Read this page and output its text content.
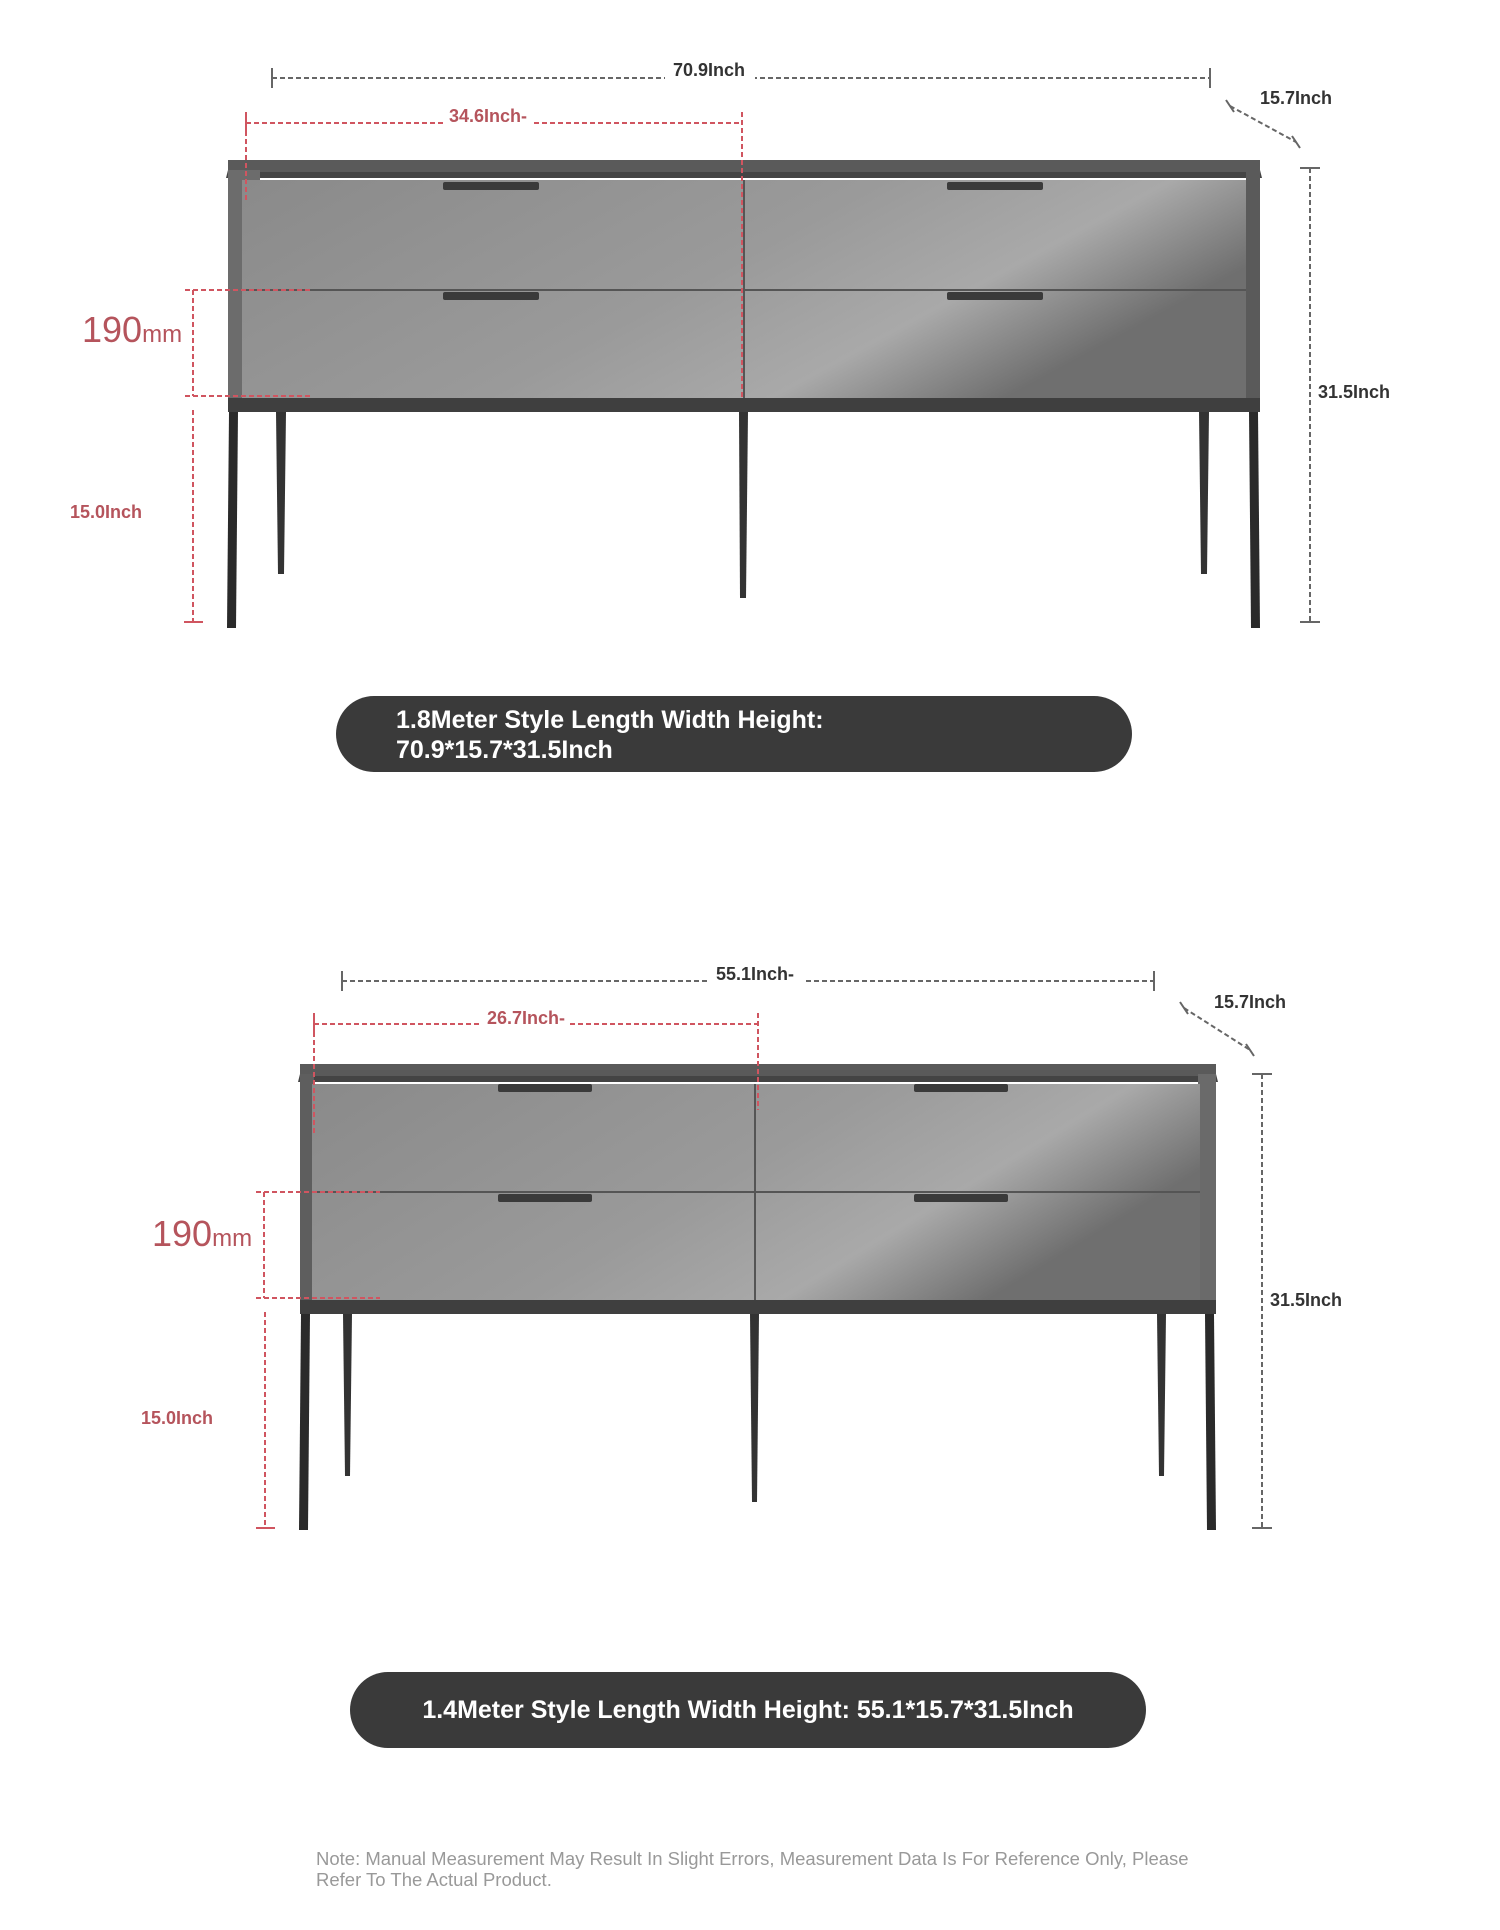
70.9Inch
34.6Inch-
15.7Inch
31.5Inch
190mm
15.0Inch
55.1Inch-
26.7Inch-
15.7Inch
31.5Inch
190mm
15.0Inch
1.8Meter Style Length Width Height:
70.9*15.7*31.5Inch
1.4Meter Style Length Width Height: 55.1*15.7*31.5Inch
Note: Manual Measurement May Result In Slight Errors, Measurement Data Is For Reference Only, Please Refer To The Actual Product.
